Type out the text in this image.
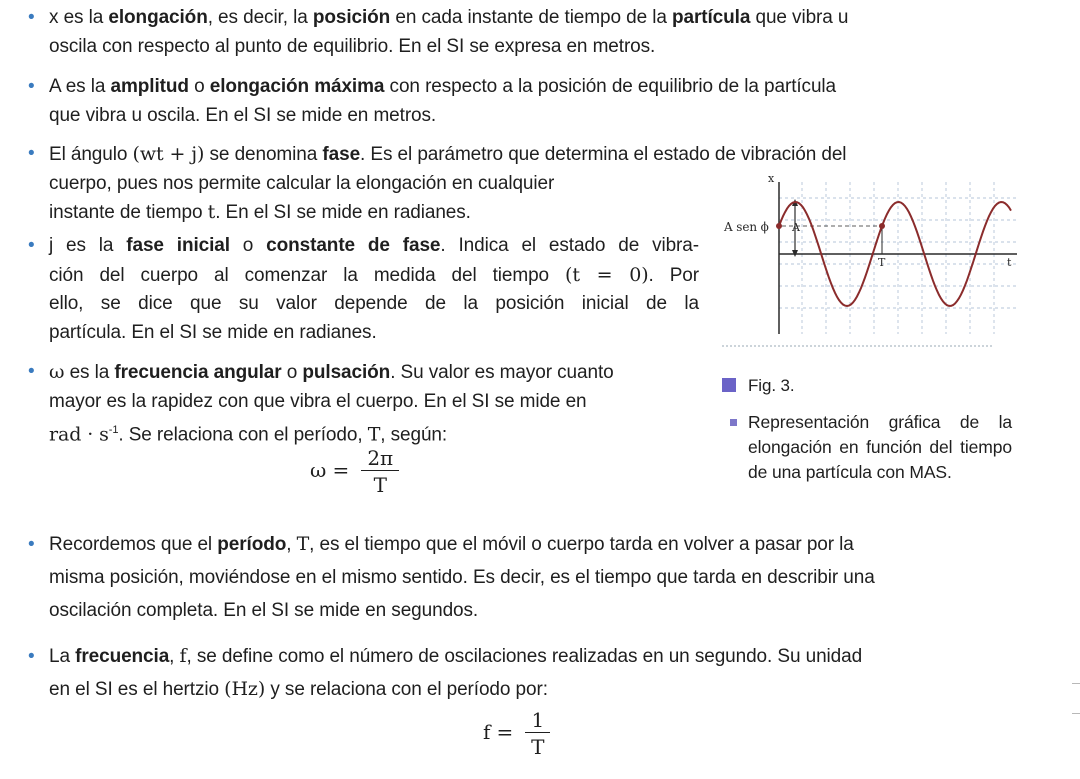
• x es la elongación, es decir, la posición en cada instante de tiempo de la partícula que vibra u
oscila con respecto al punto de equilibrio. En el SI se expresa en metros.
• A es la amplitud o elongación máxima con respecto a la posición de equilibrio de la partícula
que vibra u oscila. En el SI se mide en metros.
• El ángulo (wt + j) se denomina fase. Es el parámetro que determina el estado de vibración del
cuerpo, pues nos permite calcular la elongación en cualquier
instante de tiempo t. En el SI se mide en radianes.
• j es la fase inicial o constante de fase. Indica el estado de vibra-
ción del cuerpo al comenzar la medida del tiempo (t = 0). Por
ello, se dice que su valor depende de la posición inicial de la
partícula. En el SI se mide en radianes.
• ω es la frecuencia angular o pulsación. Su valor es mayor cuanto
mayor es la rapidez con que vibra el cuerpo. En el SI se mide en
rad · $s^{-1}$. Se relaciona con el período, T, según:
$\omega = \frac{2\pi}{T}$
• Recordemos que el período, T, es el tiempo que el móvil o cuerpo tarda en volver a pasar por la
misma posición, moviéndose en el mismo sentido. Es decir, es el tiempo que tarda en describir una
oscilación completa. En el SI se mide en segundos.
• La frecuencia, f, se define como el número de oscilaciones realizadas en un segundo. Su unidad
en el SI es el hertzio (Hz) y se relaciona con el período por:
$f = \frac{1}{T}$
x
t
A sen ϕ A
T
Fig. 3.
Representación gráfica de la elongación en función del tiempo de una partícula con MAS.
